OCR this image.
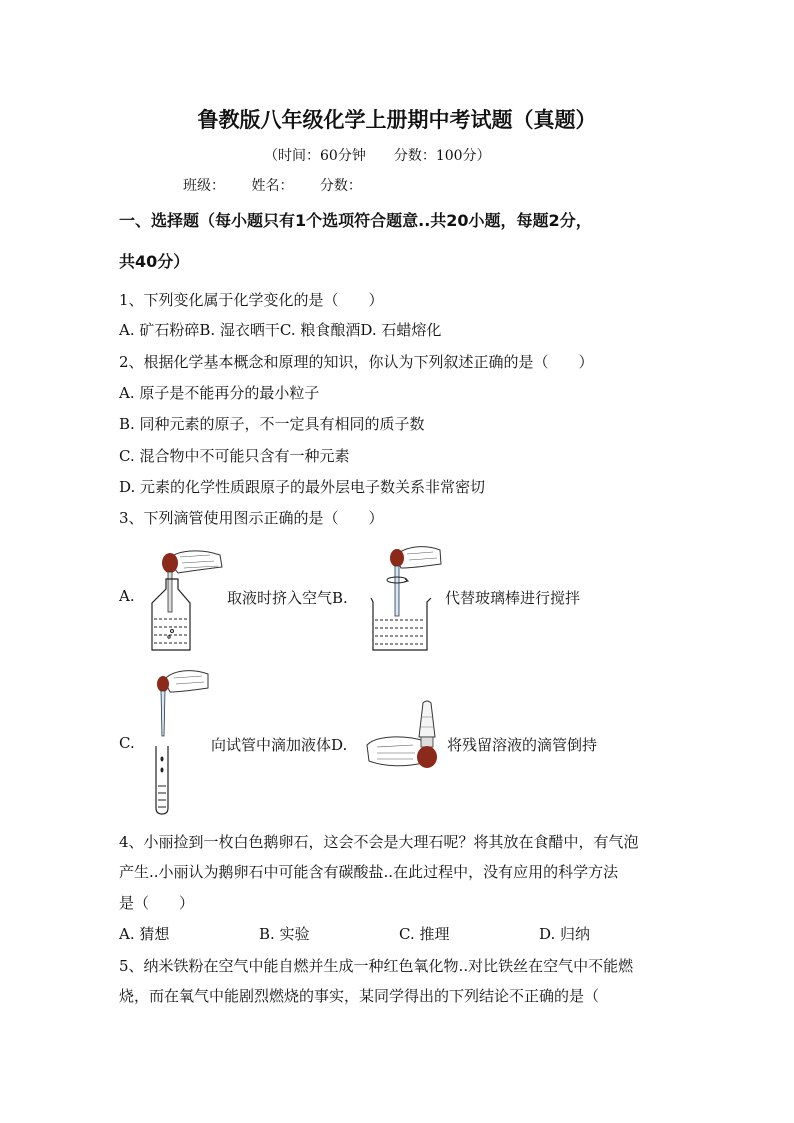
鲁教版八年级化学上册期中考试题（真题）
（时间：60分钟　　分数：100分）
班级： 姓名： 分数：
一、选择题（每小题只有1个选项符合题意..共20小题，每题2分，
共40分）
1、下列变化属于化学变化的是（　　）
A. 矿石粉碎B. 湿衣晒干C. 粮食酿酒D. 石蜡熔化
2、根据化学基本概念和原理的知识，你认为下列叙述正确的是（　　）
A. 原子是不能再分的最小粒子
B. 同种元素的原子，不一定具有相同的质子数
C. 混合物中不可能只含有一种元素
D. 元素的化学性质跟原子的最外层电子数关系非常密切
3、下列滴管使用图示正确的是（　　）
A.	取液时挤入空气B.	代替玻璃棒进行搅拌
C.	向试管中滴加液体D.	将残留溶液的滴管倒持
4、小丽捡到一枚白色鹅卵石，这会不会是大理石呢？将其放在食醋中，有气泡
产生..小丽认为鹅卵石中可能含有碳酸盐..在此过程中，没有应用的科学方法
是（　　）
A. 猜想	B. 实验	C. 推理	D. 归纳
5、纳米铁粉在空气中能自燃并生成一种红色氧化物..对比铁丝在空气中不能燃
烧，而在氧气中能剧烈燃烧的事实，某同学得出的下列结论不正确的是（
